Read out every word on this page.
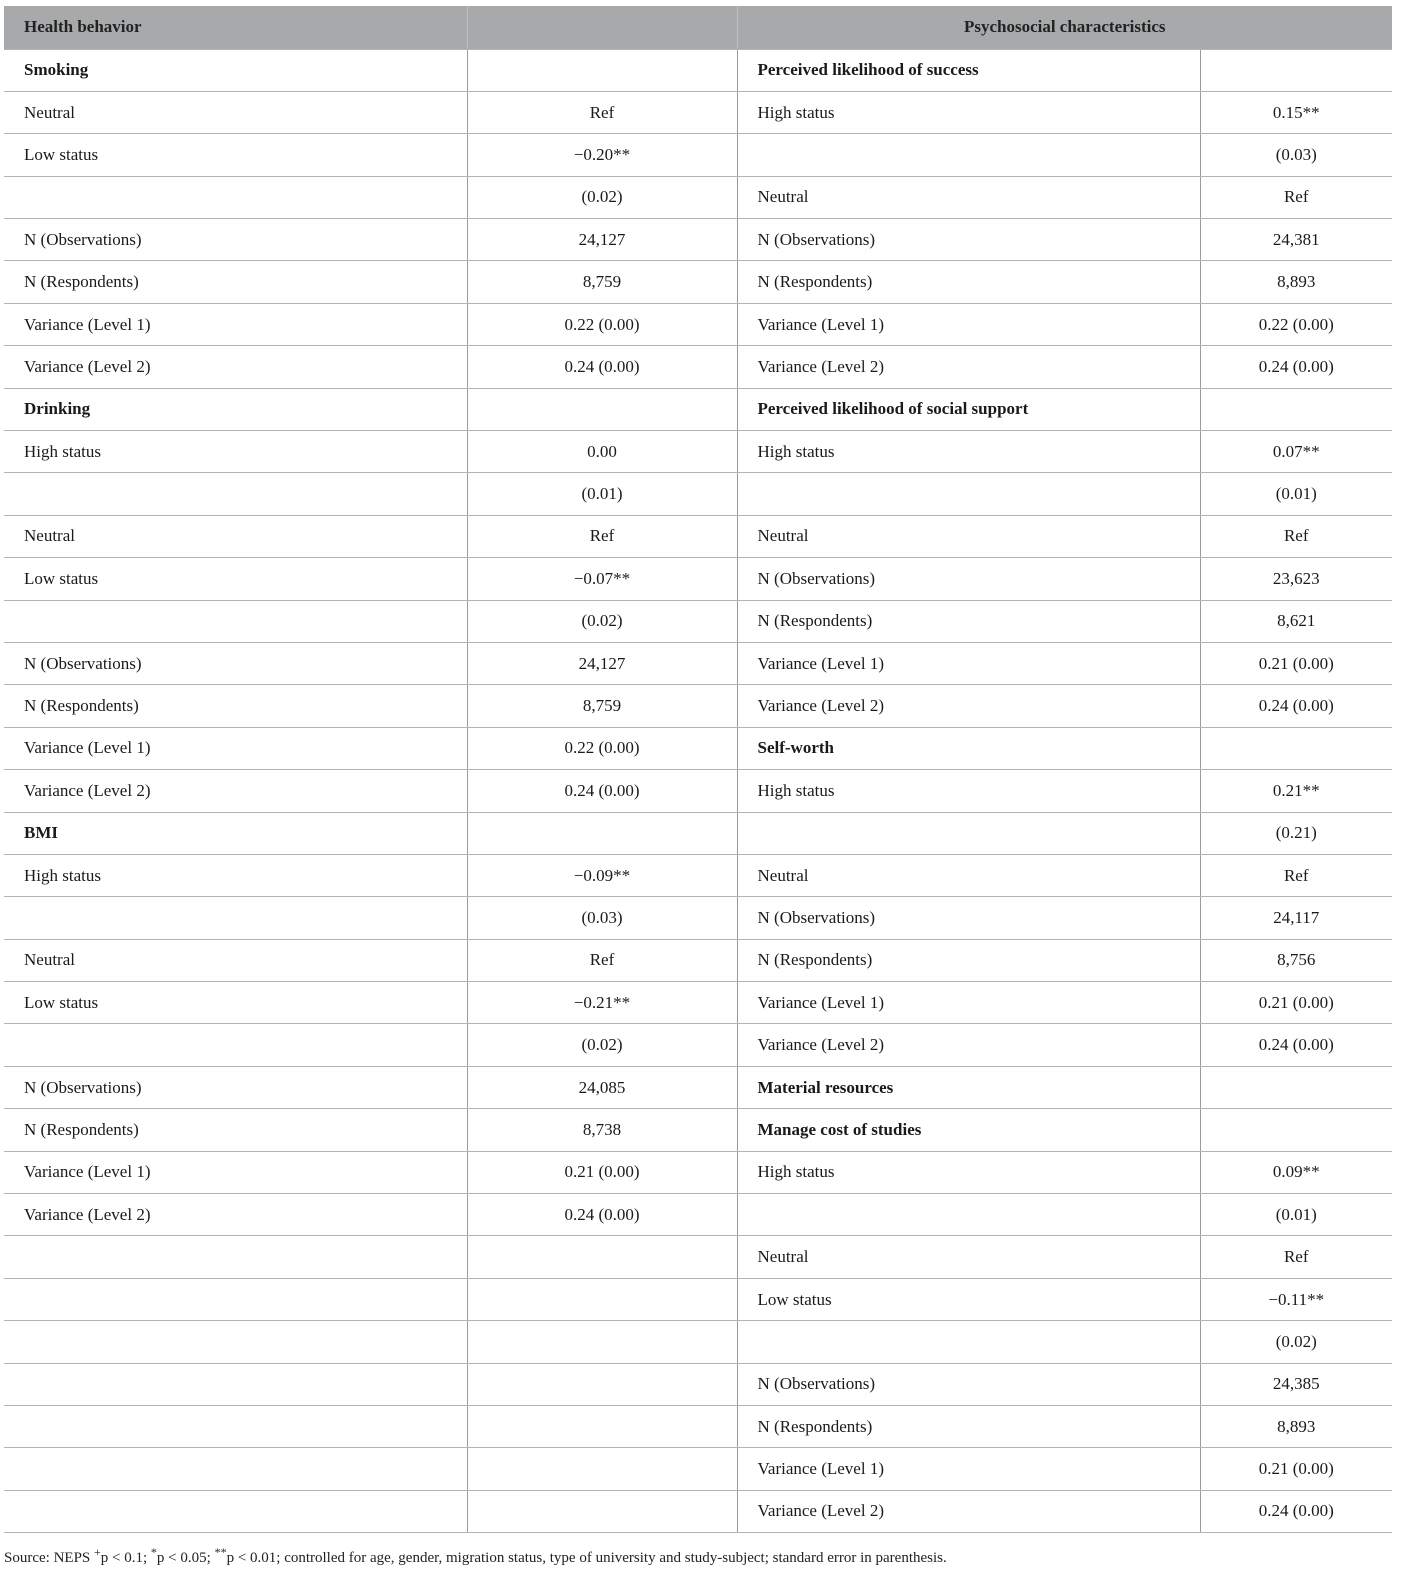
Health behavior		Psychosocial characteristics	
Smoking		Perceived likelihood of success	
Neutral	Ref	High status	0.15**
Low status	−0.20**		(0.03)
	(0.02)	Neutral	Ref
N (Observations)	24,127	N (Observations)	24,381
N (Respondents)	8,759	N (Respondents)	8,893
Variance (Level 1)	0.22 (0.00)	Variance (Level 1)	0.22 (0.00)
Variance (Level 2)	0.24 (0.00)	Variance (Level 2)	0.24 (0.00)
Drinking		Perceived likelihood of social support	
High status	0.00	High status	0.07**
	(0.01)		(0.01)
Neutral	Ref	Neutral	Ref
Low status	−0.07**	N (Observations)	23,623
	(0.02)	N (Respondents)	8,621
N (Observations)	24,127	Variance (Level 1)	0.21 (0.00)
N (Respondents)	8,759	Variance (Level 2)	0.24 (0.00)
Variance (Level 1)	0.22 (0.00)	Self-worth	
Variance (Level 2)	0.24 (0.00)	High status	0.21**
BMI			(0.21)
High status	−0.09**	Neutral	Ref
	(0.03)	N (Observations)	24,117
Neutral	Ref	N (Respondents)	8,756
Low status	−0.21**	Variance (Level 1)	0.21 (0.00)
	(0.02)	Variance (Level 2)	0.24 (0.00)
N (Observations)	24,085	Material resources	
N (Respondents)	8,738	Manage cost of studies	
Variance (Level 1)	0.21 (0.00)	High status	0.09**
Variance (Level 2)	0.24 (0.00)		(0.01)
		Neutral	Ref
		Low status	−0.11**
			(0.02)
		N (Observations)	24,385
		N (Respondents)	8,893
		Variance (Level 1)	0.21 (0.00)
		Variance (Level 2)	0.24 (0.00)
Source: NEPS +p < 0.1; *p < 0.05; **p < 0.01; controlled for age, gender, migration status, type of university and study-subject; standard error in parenthesis.
